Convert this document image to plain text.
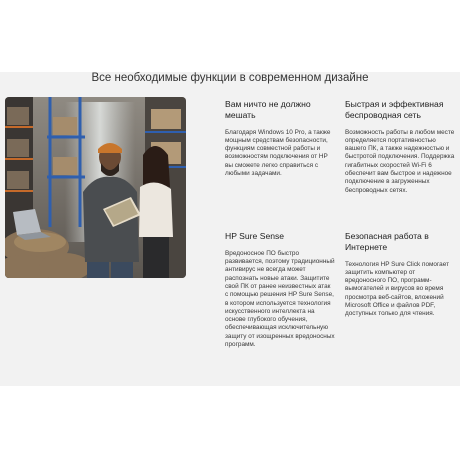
Все необходимые функции в современном дизайне
Вам ничто не должно мешать

Благодаря Windows 10 Pro, а также мощным средствам безопасности, функциям совместной работы и возможностям подключения от HP вы сможете легко справиться с любыми задачами.

Быстрая и эффективная беспроводная сеть

Возможность работы в любом месте определяется портативностью вашего ПК, а также надежностью и быстротой подключения. Поддержка гигабитных скоростей Wi-Fi 6 обеспечит вам быстрое и надежное подключение в загруженных беспроводных сетях.

HP Sure Sense

Вредоносное ПО быстро развивается, поэтому традиционный антивирус не всегда может распознать новые атаки. Защитите свой ПК от ранее неизвестных атак с помощью решения HP Sure Sense, в котором используется технология искусственного интеллекта на основе глубокого обучения, обеспечивающая исключительную защиту от изощренных вредоносных программ.

Безопасная работа в Интернете

Технология HP Sure Click помогает защитить компьютер от вредоносного ПО, программ-вымогателей и вирусов во время просмотра веб-сайтов, вложений Microsoft Office и файлов PDF, доступных только для чтения.
